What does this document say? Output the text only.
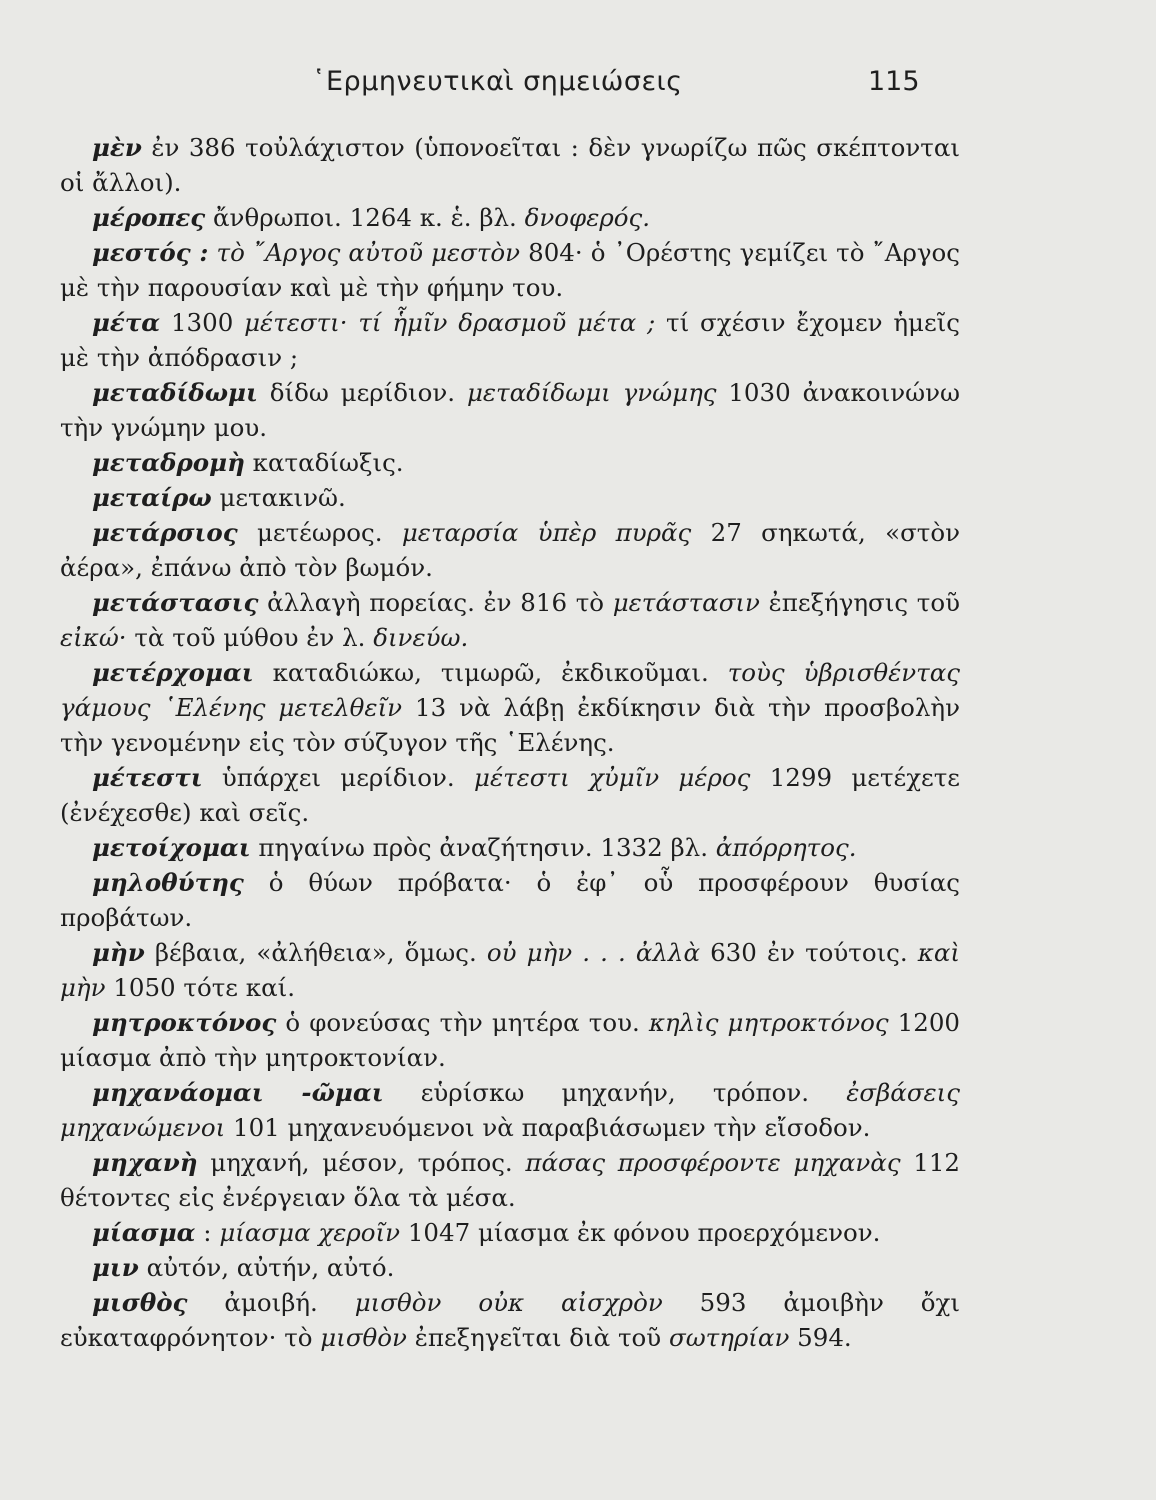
῾Ερμηνευτικαὶ σημειώσεις	115

μὲν ἐν 386 τοὐλάχιστον (ὑπονοεῖται : δὲν γνωρίζω πῶς σκέπτονται οἱ ἄλλοι).

μέροπες ἄνθρωποι. 1264 κ. ἑ. βλ. δνοφερός.

μεστός : τὸ ῎Αργος αὐτοῦ μεστὸν 804· ὁ ᾿Ορέστης γεμίζει τὸ ῎Αργος μὲ τὴν παρουσίαν καὶ μὲ τὴν φήμην του.

μέτα 1300 μέτεστι· τί ἧμῖν δρασμοῦ μέτα ; τί σχέσιν ἔχομεν ἡμεῖς μὲ τὴν ἀπόδρασιν ;

μεταδίδωμι δίδω μερίδιον. μεταδίδωμι γνώμης 1030 ἀνακοινώνω τὴν γνώμην μου.

μεταδρομὴ καταδίωξις.

μεταίρω μετακινῶ.

μετάρσιος μετέωρος. μεταρσία ὑπὲρ πυρᾶς 27 σηκωτά, «στὸν ἀέρα», ἐπάνω ἀπὸ τὸν βωμόν.

μετάστασις ἀλλαγὴ πορείας. ἐν 816 τὸ μετάστασιν ἐπεξήγησις τοῦ εἰκώ· τὰ τοῦ μύθου ἐν λ. δινεύω.

μετέρχομαι καταδιώκω, τιμωρῶ, ἐκδικοῦμαι. τοὺς ὑβρισθέντας γάμους ῾Ελένης μετελθεῖν 13 νὰ λάβῃ ἐκδίκησιν διὰ τὴν προσβολὴν τὴν γενομένην εἰς τὸν σύζυγον τῆς ῾Ελένης.

μέτεστι ὑπάρχει μερίδιον. μέτεστι χὐμῖν μέρος 1299 μετέχετε (ἐνέχεσθε) καὶ σεῖς.

μετοίχομαι πηγαίνω πρὸς ἀναζήτησιν. 1332 βλ. ἀπόρρητος.

μηλοθύτης ὁ θύων πρόβατα· ὁ ἐφ᾿ οὗ προσφέρουν θυσίας προβάτων.

μὴν βέβαια, «ἀλήθεια», ὅμως. οὐ μὴν . . . ἀλλὰ 630 ἐν τούτοις. καὶ μὴν 1050 τότε καί.

μητροκτόνος ὁ φονεύσας τὴν μητέρα του. κηλὶς μητροκτόνος 1200 μίασμα ἀπὸ τὴν μητροκτονίαν.

μηχανάομαι -ῶμαι εὑρίσκω μηχανήν, τρόπον. ἐσβάσεις μηχανώμενοι 101 μηχανευόμενοι νὰ παραβιάσωμεν τὴν εἴσοδον.

μηχανὴ μηχανή, μέσον, τρόπος. πάσας προσφέροντε μηχανὰς 112 θέτοντες εἰς ἐνέργειαν ὅλα τὰ μέσα.

μίασμα : μίασμα χεροῖν 1047 μίασμα ἐκ φόνου προερχόμενον.

μιν αὐτόν, αὐτήν, αὐτό.

μισθὸς ἀμοιβή. μισθὸν οὐκ αἰσχρὸν 593 ἀμοιβὴν ὄχι εὐκαταφρόνητον· τὸ μισθὸν ἐπεξηγεῖται διὰ τοῦ σωτηρίαν 594.
